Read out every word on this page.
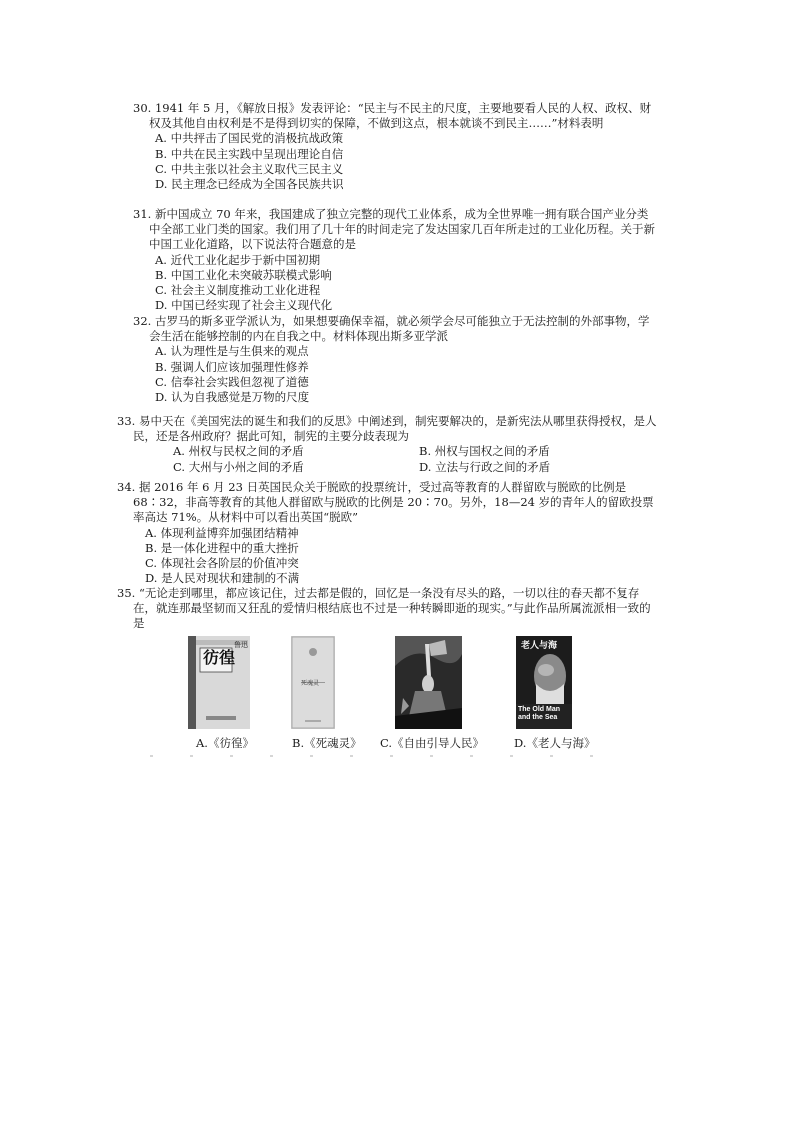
30. 1941 年 5 月，《解放日报》发表评论：“民主与不民主的尺度，主要地要看人民的人权、政权、财权及其他自由权利是不是得到切实的保障，不做到这点，根本就谈不到民主……”材料表明

A. 中共抨击了国民党的消极抗战政策

B. 中共在民主实践中呈现出理论自信

C. 中共主张以社会主义取代三民主义

D. 民主理念已经成为全国各民族共识

31. 新中国成立 70 年来，我国建成了独立完整的现代工业体系，成为全世界唯一拥有联合国产业分类中全部工业门类的国家。我们用了几十年的时间走完了发达国家几百年所走过的工业化历程。关于新中国工业化道路，以下说法符合题意的是

A. 近代工业化起步于新中国初期

B. 中国工业化未突破苏联模式影响

C. 社会主义制度推动工业化进程

D. 中国已经实现了社会主义现代化

32. 古罗马的斯多亚学派认为，如果想要确保幸福，就必须学会尽可能独立于无法控制的外部事物，学会生活在能够控制的内在自我之中。材料体现出斯多亚学派

A. 认为理性是与生俱来的观点

B. 强调人们应该加强理性修养

C. 信奉社会实践但忽视了道德

D. 认为自我感觉是万物的尺度

33. 易中天在《美国宪法的诞生和我们的反思》中阐述到，制宪要解决的，是新宪法从哪里获得授权，是人民，还是各州政府？据此可知，制宪的主要分歧表现为

A. 州权与民权之间的矛盾	B. 州权与国权之间的矛盾

C. 大州与小州之间的矛盾	D. 立法与行政之间的矛盾

34. 据 2016 年 6 月 23 日英国民众关于脱欧的投票统计，受过高等教育的人群留欧与脱欧的比例是 68∶32，非高等教育的其他人群留欧与脱欧的比例是 20∶70。另外，18—24 岁的青年人的留欧投票率高达 71%。从材料中可以看出英国“脱欧”

A. 体现利益博弈加强团结精神

B. 是一体化进程中的重大挫折

C. 体现社会各阶层的价值冲突

D. 是人民对现状和建制的不满

35. “无论走到哪里，都应该记住，过去都是假的，回忆是一条没有尽头的路，一切以往的春天都不复存在，就连那最坚韧而又狂乱的爱情归根结底也不过是一种转瞬即逝的现实。”与此作品所属流派相一致的是

彷徨
鲁迅
死魂灵
老人与海
The Old Man and the Sea
A.《彷徨》	B.《死魂灵》 C.《自由引导人民》	D.《老人与海》
